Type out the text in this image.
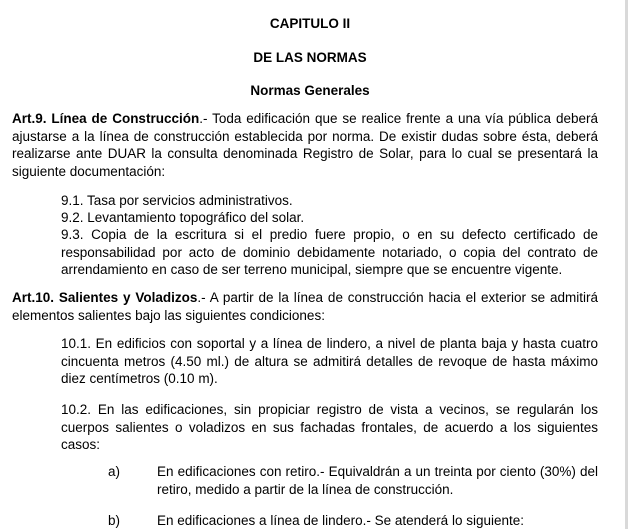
CAPITULO II
DE LAS NORMAS
Normas Generales

Art.9. Línea de Construcción.- Toda edificación que se realice frente a una vía pública deberá ajustarse a la línea de construcción establecida por norma. De existir dudas sobre ésta, deberá realizarse ante DUAR la consulta denominada Registro de Solar, para lo cual se presentará la siguiente documentación:

9.1. Tasa por servicios administrativos.

9.2. Levantamiento topográfico del solar.

9.3. Copia de la escritura si el predio fuere propio, o en su defecto certificado de responsabilidad por acto de dominio debidamente notariado, o copia del contrato de arrendamiento en caso de ser terreno municipal, siempre que se encuentre vigente.

Art.10. Salientes y Voladizos.- A partir de la línea de construcción hacia el exterior se admitirá elementos salientes bajo las siguientes condiciones:

10.1. En edificios con soportal y a línea de lindero, a nivel de planta baja y hasta cuatro cincuenta metros (4.50 ml.) de altura se admitirá detalles de revoque de hasta máximo diez centímetros (0.10 m).

10.2. En las edificaciones, sin propiciar registro de vista a vecinos, se regularán los cuerpos salientes o voladizos en sus fachadas frontales, de acuerdo a los siguientes casos:

a)	En edificaciones con retiro.- Equivaldrán a un treinta por ciento (30%) del retiro, medido a partir de la línea de construcción.

b)	En edificaciones a línea de lindero.- Se atenderá lo siguiente:
